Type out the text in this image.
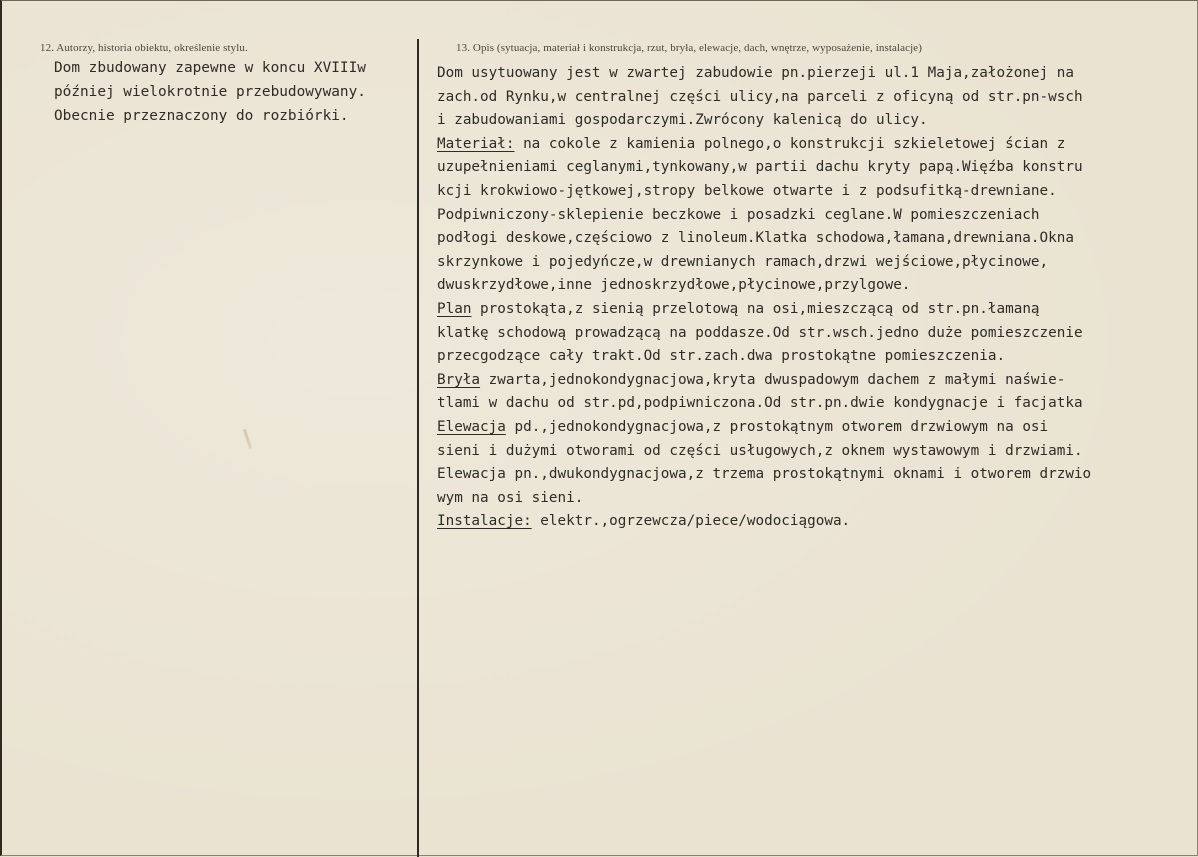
12. Autorzy, historia obiektu, określenie stylu.	13. Opis (sytuacja, materiał i konstrukcja, rzut, bryła, elewacje, dach, wnętrze, wyposażenie, instalacje)
Dom zbudowany zapewne w koncu XVIIIw
później wielokrotnie przebudowywany.
Obecnie przeznaczony do rozbiórki.
Dom usytuowany jest w zwartej zabudowie pn.pierzeji ul.1 Maja,założonej na
zach.od Rynku,w centralnej części ulicy,na parceli z oficyną od str.pn-wsch
i zabudowaniami gospodarczymi.Zwrócony kalenicą do ulicy.
Materiał: na cokole z kamienia polnego,o konstrukcji szkieletowej ścian z
uzupełnieniami ceglanymi,tynkowany,w partii dachu kryty papą.Więźba konstru
kcji krokwiowo-jętkowej,stropy belkowe otwarte i z podsufitką-drewniane.
Podpiwniczony-sklepienie beczkowe i posadzki ceglane.W pomieszczeniach
podłogi deskowe,częściowo z linoleum.Klatka schodowa,łamana,drewniana.Okna
skrzynkowe i pojedyńcze,w drewnianych ramach,drzwi wejściowe,płycinowe,
dwuskrzydłowe,inne jednoskrzydłowe,płycinowe,przylgowe.
Plan prostokąta,z sienią przelotową na osi,mieszczącą od str.pn.łamaną
klatkę schodową prowadzącą na poddasze.Od str.wsch.jedno duże pomieszczenie
przecgodzące cały trakt.Od str.zach.dwa prostokątne pomieszczenia.
Bryła zwarta,jednokondygnacjowa,kryta dwuspadowym dachem z małymi naświe-
tlami w dachu od str.pd,podpiwniczona.Od str.pn.dwie kondygnacje i facjatka
Elewacja pd.,jednokondygnacjowa,z prostokątnym otworem drzwiowym na osi
sieni i dużymi otworami od części usługowych,z oknem wystawowym i drzwiami.
Elewacja pn.,dwukondygnacjowa,z trzema prostokątnymi oknami i otworem drzwio
wym na osi sieni.
Instalacje: elektr.,ogrzewcza/piece/wodociągowa.
